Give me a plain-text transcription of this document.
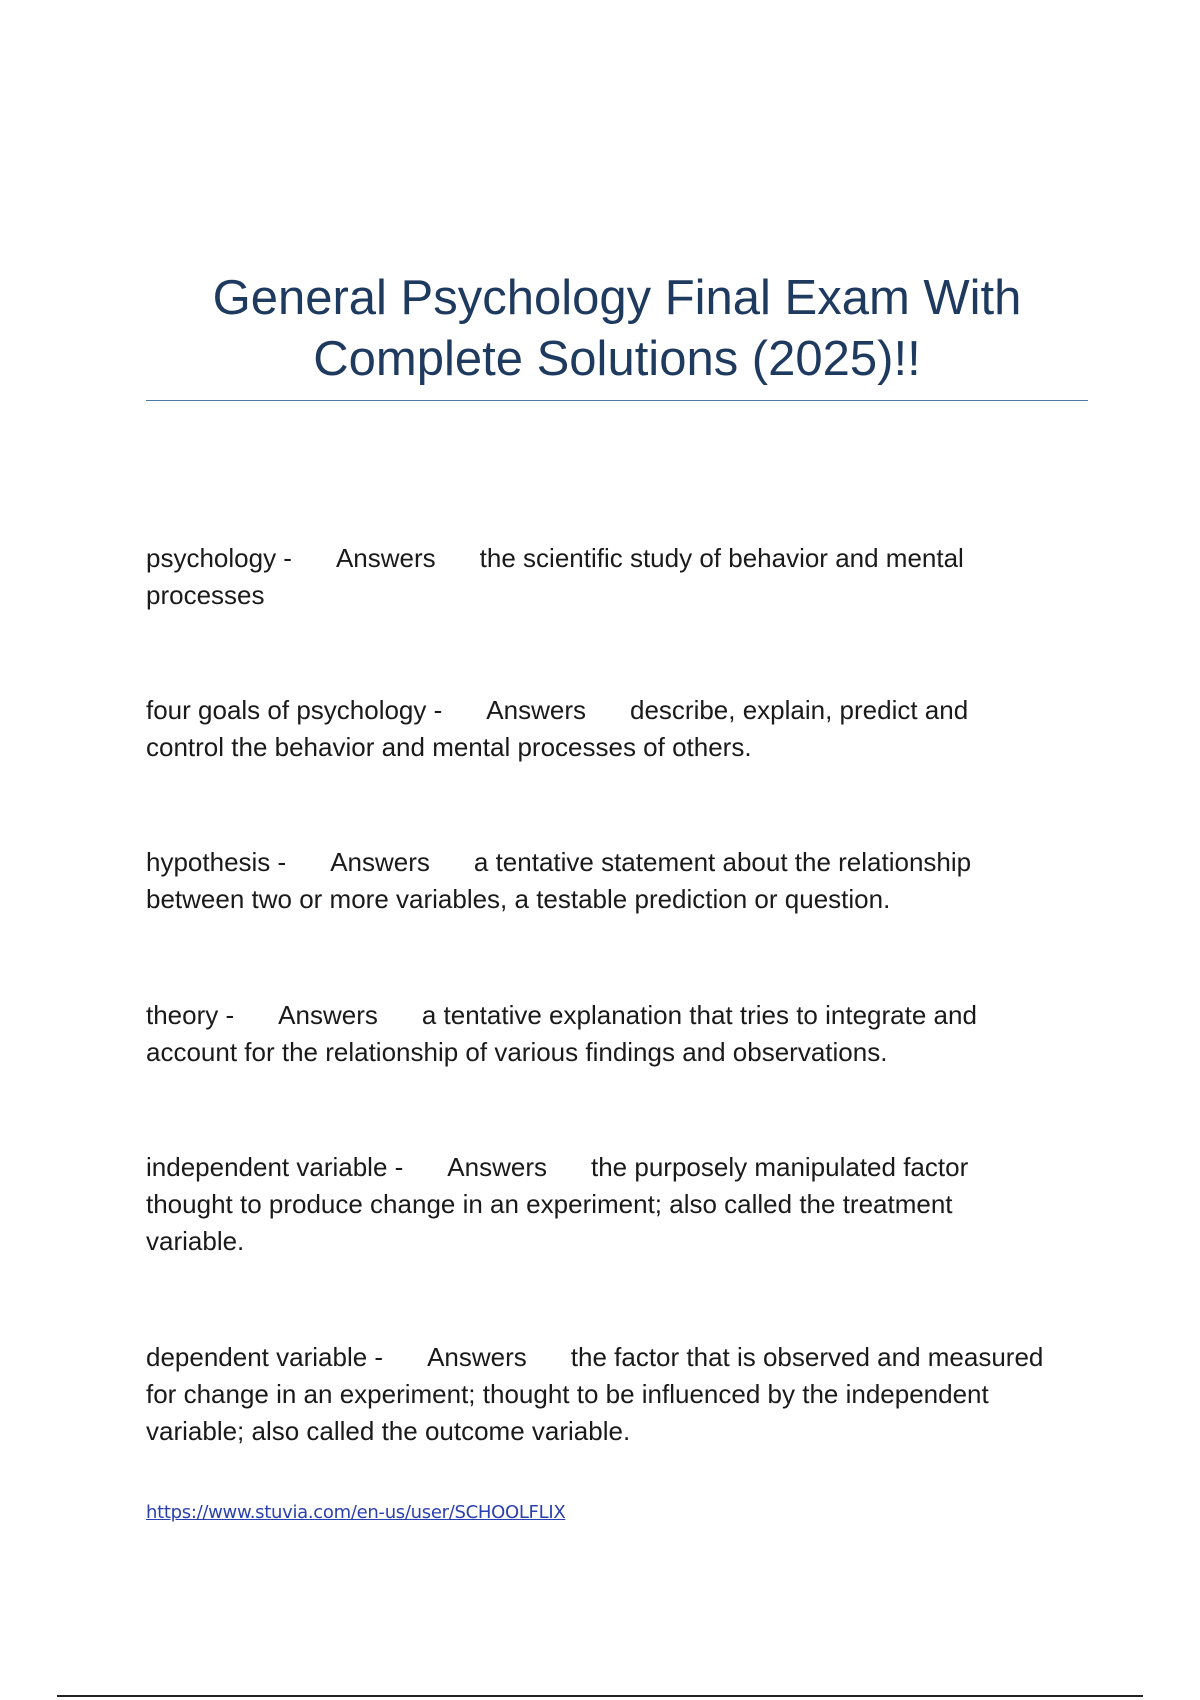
General Psychology Final Exam With
Complete Solutions (2025)!!

psychology - Answers the scientific study of behavior and mental processes

four goals of psychology - Answers describe, explain, predict and control the behavior and mental processes of others.

hypothesis - Answers a tentative statement about the relationship between two or more variables, a testable prediction or question.

theory - Answers a tentative explanation that tries to integrate and account for the relationship of various findings and observations.

independent variable - Answers the purposely manipulated factor thought to produce change in an experiment; also called the treatment variable.

dependent variable - Answers the factor that is observed and measured for change in an experiment; thought to be influenced by the independent variable; also called the outcome variable.

https://www.stuvia.com/en-us/user/SCHOOLFLIX
